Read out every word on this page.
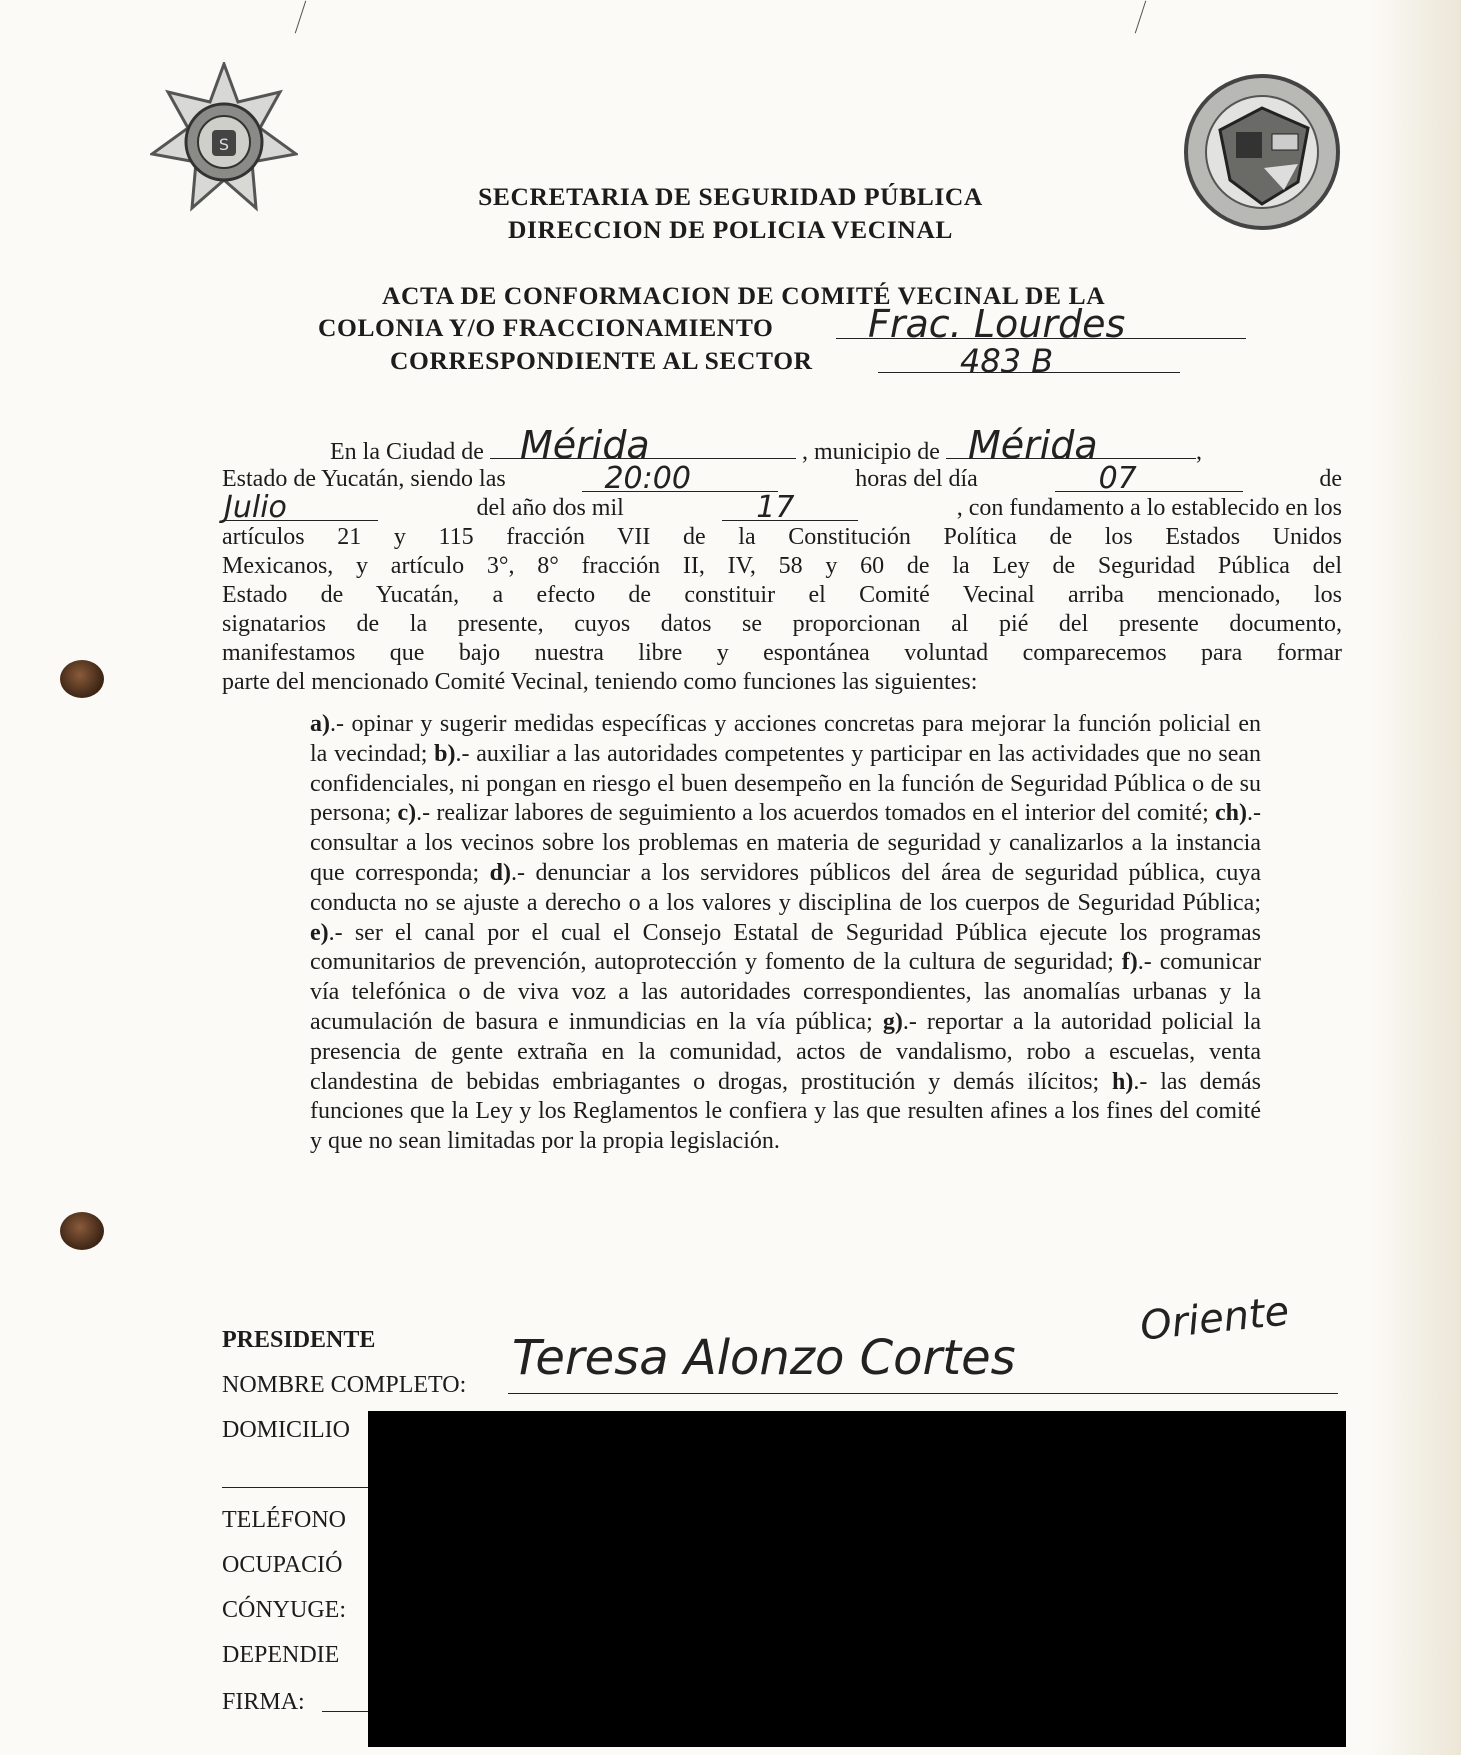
S
SECRETARIA DE SEGURIDAD PÚBLICA
DIRECCION DE POLICIA VECINAL
ACTA DE CONFORMACION DE COMITÉ VECINAL DE LA
COLONIA Y/O FRACCIONAMIENTO Frac. Lourdes
CORRESPONDIENTE AL SECTOR	483 B
En la Ciudad de Mérida	, municipio de Mérida	,
Estado de Yucatán, siendo las	20:00	horas del día	07	de
Julio	del año dos mil	17	, con fundamento a lo establecido en los
artículos 21 y 115 fracción VII de la Constitución Política de los Estados Unidos
Mexicanos, y artículo 3°, 8° fracción II, IV, 58 y 60 de la Ley de Seguridad Pública del
Estado de Yucatán, a efecto de constituir el Comité Vecinal arriba mencionado, los
signatarios de la presente, cuyos datos se proporcionan al pié del presente documento,
manifestamos que bajo nuestra libre y espontánea voluntad comparecemos para formar
parte del mencionado Comité Vecinal, teniendo como funciones las siguientes:
a).- opinar y sugerir medidas específicas y acciones concretas para mejorar la función policial en la vecindad; b).- auxiliar a las autoridades competentes y participar en las actividades que no sean confidenciales, ni pongan en riesgo el buen desempeño en la función de Seguridad Pública o de su persona; c).- realizar labores de seguimiento a los acuerdos tomados en el interior del comité; ch).- consultar a los vecinos sobre los problemas en materia de seguridad y canalizarlos a la instancia que corresponda; d).- denunciar a los servidores públicos del área de seguridad pública, cuya conducta no se ajuste a derecho o a los valores y disciplina de los cuerpos de Seguridad Pública; e).- ser el canal por el cual el Consejo Estatal de Seguridad Pública ejecute los programas comunitarios de prevención, autoprotección y fomento de la cultura de seguridad; f).- comunicar vía telefónica o de viva voz a las autoridades correspondientes, las anomalías urbanas y la acumulación de basura e inmundicias en la vía pública; g).- reportar a la autoridad policial la presencia de gente extraña en la comunidad, actos de vandalismo, robo a escuelas, venta clandestina de bebidas embriagantes o drogas, prostitución y demás ilícitos; h).- las demás funciones que la Ley y los Reglamentos le confiera y las que resulten afines a los fines del comité y que no sean limitadas por la propia legislación.
PRESIDENTE
NOMBRE COMPLETO: Teresa Alonzo Cortes
Oriente
DOMICILIO
TELÉFONO
OCUPACIÓ
CÓNYUGE:
DEPENDIE
FIRMA:
